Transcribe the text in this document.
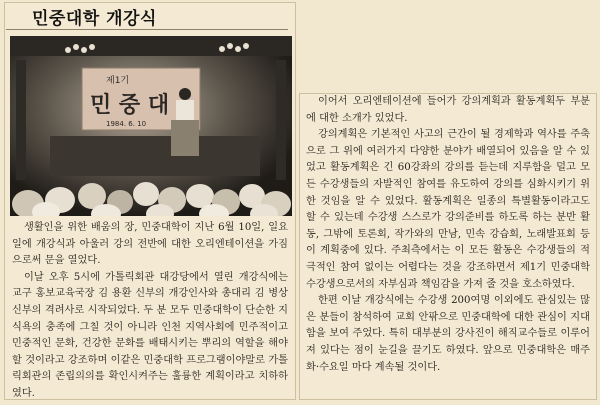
민중대학 개강식
제1기
민 중 대
1984. 6. 10

생활인을 위한 배움의 장, 민중대학이 지난 6월 10일, 일요일에 개강식과 아울러 강의 전반에 대한 오리엔테이션을 가짐으로써 문을 열었다.

이날 오후 5시에 가톨릭회관 대강당에서 열린 개강식에는 교구 홍보교육국장 김 용환 신부의 개강인사와 총대리 김 병상 신부의 격려사로 시작되었다. 두 분 모두 민중대학이 단순한 지식욕의 충족에 그칠 것이 아니라 인천 지역사회에 민주적이고 민중적인 문화, 건강한 문화를 배태시키는 뿌리의 역할을 해야할 것이라고 강조하며 이같은 민중대학 프로그램이야말로 가톨릭회관의 존립의의를 확인시켜주는 훌륭한 계획이라고 치하하였다.

이어서 오리엔테이션에 들어가 강의계획과 활동계획두 부분에 대한 소개가 있었다.

강의계획은 기본적인 사고의 근간이 될 경제학과 역사를 주축으로 그 위에 여러가지 다양한 분야가 배열되어 있음을 알 수 있었고 활동계획은 긴 60강좌의 강의를 듣는데 지루함을 덜고 모든 수강생들의 자발적인 참여를 유도하여 강의를 심화시키기 위한 것임을 알 수 있었다. 활동계획은 일종의 특별활동이라고도 할 수 있는데 수강생 스스로가 강의준비를 하도록 하는 분반 활동, 그밖에 토론회, 작가와의 만남, 민속 강습회, 노래발표회 등이 계획중에 있다. 주최측에서는 이 모든 활동은 수강생들의 적극적인 참여 없이는 어렵다는 것을 강조하면서 제1기 민중대학 수강생으로서의 자부심과 책임감을 가져 줄 것을 호소하였다.

한편 이날 개강식에는 수강생 200여명 이외에도 관심있는 많은 분들이 참석하여 교회 안팎으로 민중대학에 대한 관심이 지대함을 보여 주었다. 특히 대부분의 강사진이 해직교수들로 이루어져 있다는 점이 눈길을 끌기도 하였다. 앞으로 민중대학은 매주 화·수요일 마다 계속될 것이다.
